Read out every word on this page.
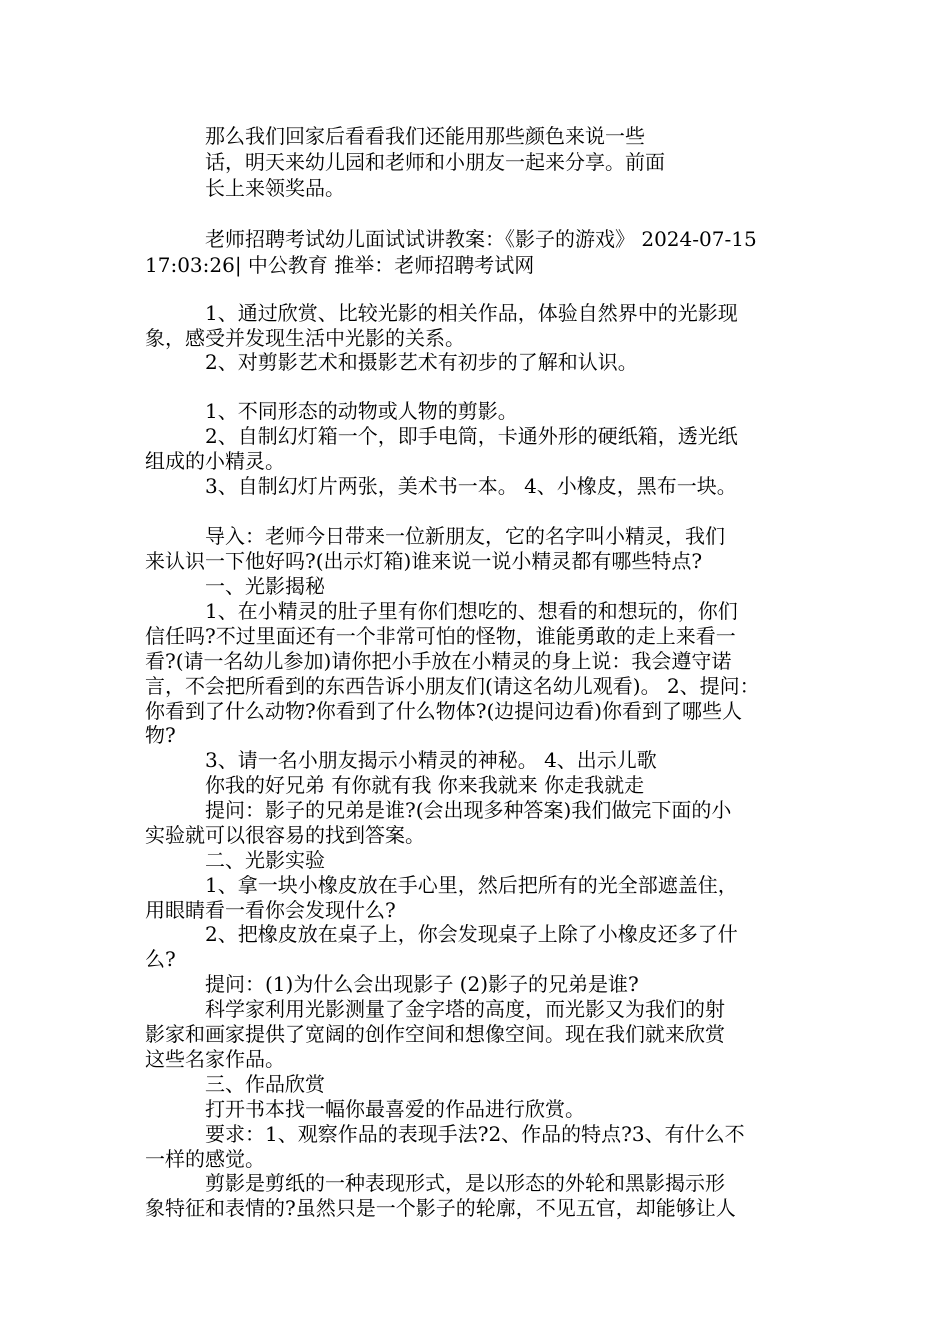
那么我们回家后看看我们还能用那些颜色来说一些
话，明天来幼儿园和老师和小朋友一起来分享。前面
长上来领奖品。
老师招聘考试幼儿面试试讲教案：《影子的游戏》 2024-07-15
17:03:26| 中公教育 推举：老师招聘考试网
1、通过欣赏、比较光影的相关作品，体验自然界中的光影现
象，感受并发现生活中光影的关系。
2、对剪影艺术和摄影艺术有初步的了解和认识。
1、不同形态的动物或人物的剪影。
2、自制幻灯箱一个，即手电筒，卡通外形的硬纸箱，透光纸
组成的小精灵。
3、自制幻灯片两张，美术书一本。 4、小橡皮，黑布一块。
导入：老师今日带来一位新朋友，它的名字叫小精灵，我们
来认识一下他好吗?(出示灯箱)谁来说一说小精灵都有哪些特点?
一、光影揭秘
1、在小精灵的肚子里有你们想吃的、想看的和想玩的，你们
信任吗?不过里面还有一个非常可怕的怪物，谁能勇敢的走上来看一
看?(请一名幼儿参加)请你把小手放在小精灵的身上说：我会遵守诺
言，不会把所看到的东西告诉小朋友们(请这名幼儿观看)。 2、提问：
你看到了什么动物?你看到了什么物体?(边提问边看)你看到了哪些人
物?
3、请一名小朋友揭示小精灵的神秘。 4、出示儿歌
你我的好兄弟 有你就有我 你来我就来 你走我就走
提问：影子的兄弟是谁?(会出现多种答案)我们做完下面的小
实验就可以很容易的找到答案。
二、光影实验
1、拿一块小橡皮放在手心里，然后把所有的光全部遮盖住，
用眼睛看一看你会发现什么?
2、把橡皮放在桌子上，你会发现桌子上除了小橡皮还多了什
么?
提问：(1)为什么会出现影子 (2)影子的兄弟是谁?
科学家利用光影测量了金字塔的高度，而光影又为我们的射
影家和画家提供了宽阔的创作空间和想像空间。现在我们就来欣赏
这些名家作品。
三、作品欣赏
打开书本找一幅你最喜爱的作品进行欣赏。
要求：1、观察作品的表现手法?2、作品的特点?3、有什么不
一样的感觉。
剪影是剪纸的一种表现形式，是以形态的外轮和黑影揭示形
象特征和表情的?虽然只是一个影子的轮廓，不见五官，却能够让人
